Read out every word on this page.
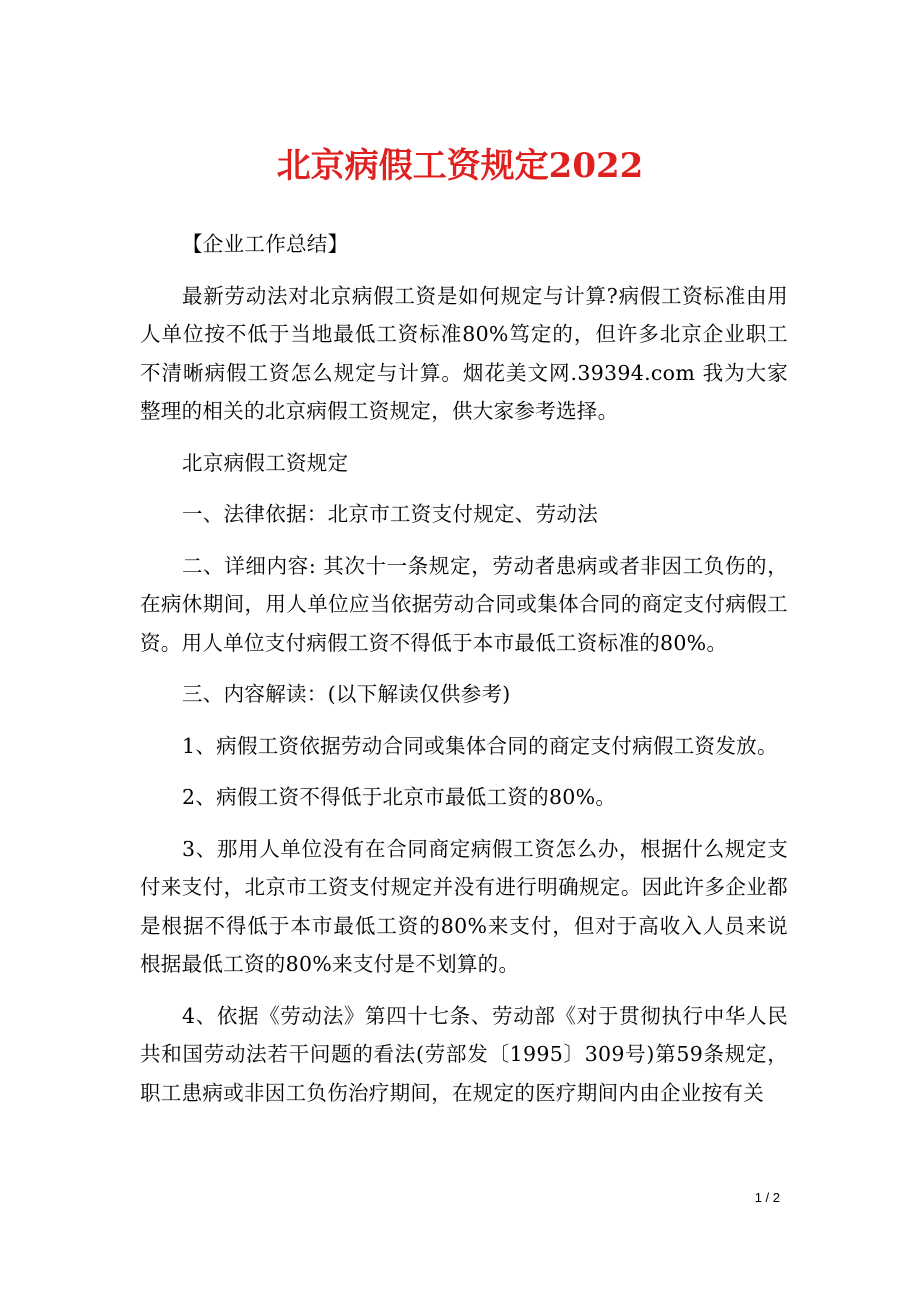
北京病假工资规定2022

【企业工作总结】

最新劳动法对北京病假工资是如何规定与计算?病假工资标准由用人单位按不低于当地最低工资标准80%笃定的，但许多北京企业职工不清晰病假工资怎么规定与计算。烟花美文网.39394.com 我为大家整理的相关的北京病假工资规定，供大家参考选择。

北京病假工资规定

一、法律依据：北京市工资支付规定、劳动法

二、详细内容: 其次十一条规定，劳动者患病或者非因工负伤的，在病休期间，用人单位应当依据劳动合同或集体合同的商定支付病假工资。用人单位支付病假工资不得低于本市最低工资标准的80%。

三、内容解读：(以下解读仅供参考)

1、病假工资依据劳动合同或集体合同的商定支付病假工资发放。

2、病假工资不得低于北京市最低工资的80%。

3、那用人单位没有在合同商定病假工资怎么办，根据什么规定支付来支付，北京市工资支付规定并没有进行明确规定。因此许多企业都是根据不得低于本市最低工资的80%来支付，但对于高收入人员来说根据最低工资的80%来支付是不划算的。

4、依据《劳动法》第四十七条、劳动部《对于贯彻执行中华人民共和国劳动法若干问题的看法(劳部发〔1995〕309号)第59条规定，职工患病或非因工负伤治疗期间，在规定的医疗期间内由企业按有关

1 / 2
